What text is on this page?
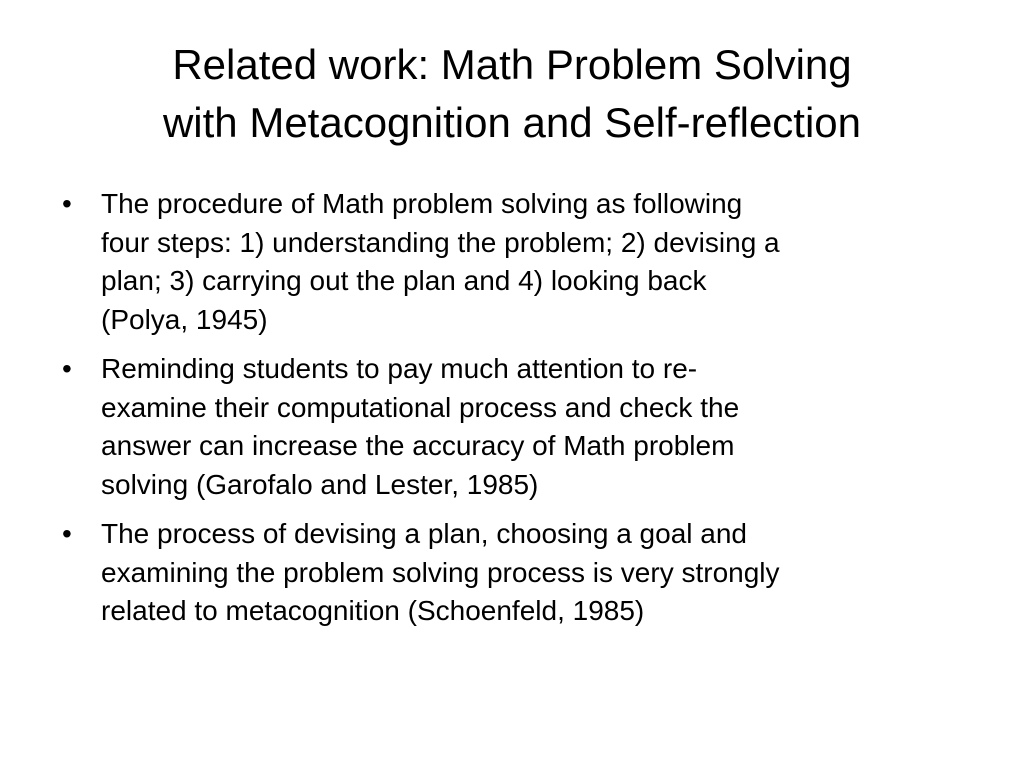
Related work: Math Problem Solving
with Metacognition and Self-reflection
•	The procedure of Math problem solving as following
four steps: 1) understanding the problem; 2) devising a
plan; 3) carrying out the plan and 4) looking back
(Polya, 1945)
•	Reminding students to pay much attention to re-
examine their computational process and check the
answer can increase the accuracy of Math problem
solving (Garofalo and Lester, 1985)
•	The process of devising a plan, choosing a goal and
examining the problem solving process is very strongly
related to metacognition (Schoenfeld, 1985)
